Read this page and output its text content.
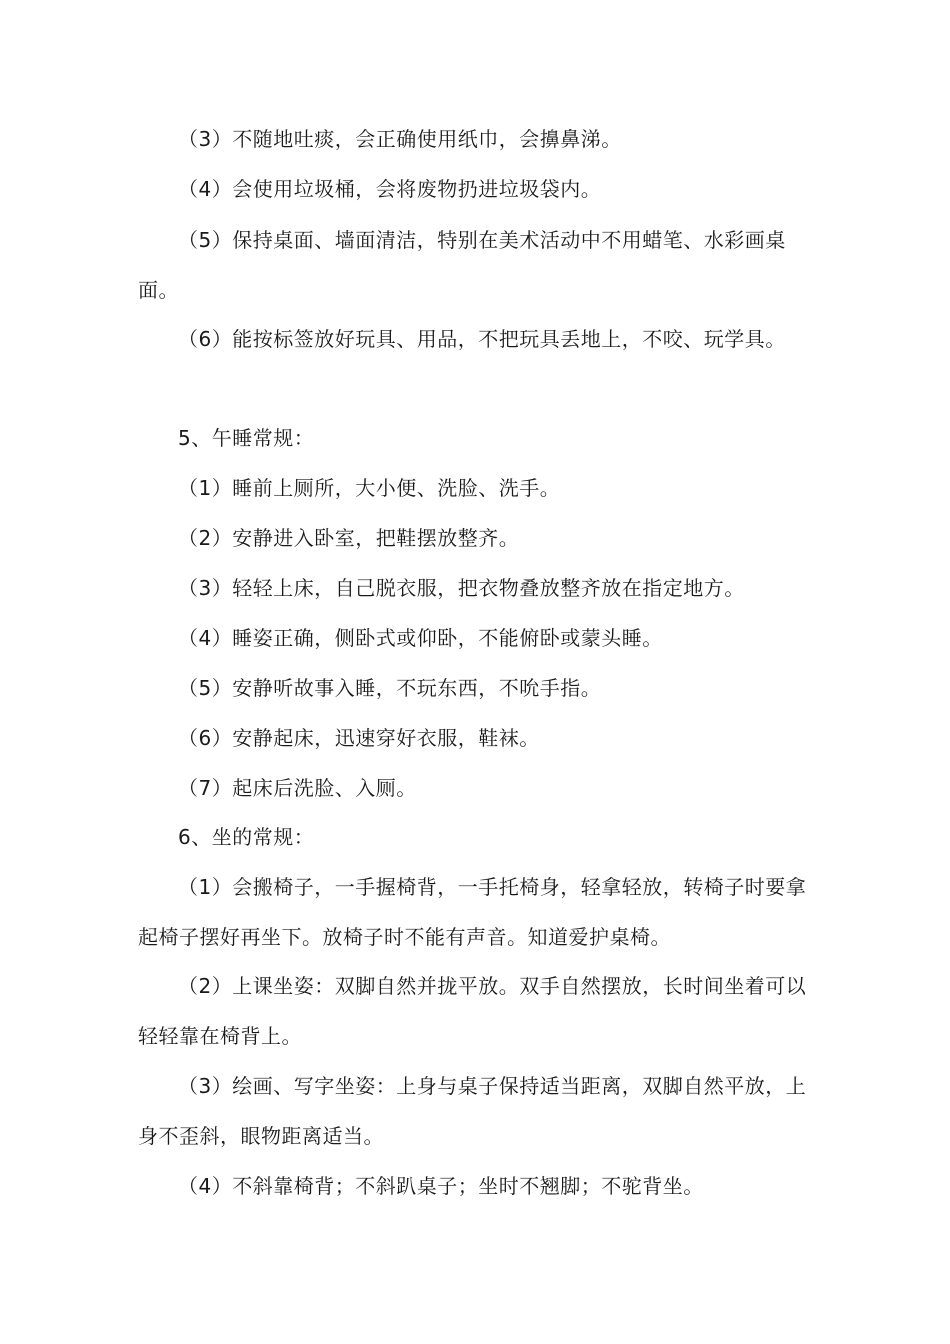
（3）不随地吐痰，会正确使用纸巾，会擤鼻涕。

（4）会使用垃圾桶，会将废物扔进垃圾袋内。

（5）保持桌面、墙面清洁，特别在美术活动中不用蜡笔、水彩画桌面。

（6）能按标签放好玩具、用品，不把玩具丢地上，不咬、玩学具。

5、午睡常规：

（1）睡前上厕所，大小便、洗脸、洗手。

（2）安静进入卧室，把鞋摆放整齐。

（3）轻轻上床，自己脱衣服，把衣物叠放整齐放在指定地方。

（4）睡姿正确，侧卧式或仰卧，不能俯卧或蒙头睡。

（5）安静听故事入睡，不玩东西，不吮手指。

（6）安静起床，迅速穿好衣服，鞋袜。

（7）起床后洗脸、入厕。

6、坐的常规：

（1）会搬椅子，一手握椅背，一手托椅身，轻拿轻放，转椅子时要拿起椅子摆好再坐下。放椅子时不能有声音。知道爱护桌椅。

（2）上课坐姿：双脚自然并拢平放。双手自然摆放，长时间坐着可以轻轻靠在椅背上。

（3）绘画、写字坐姿：上身与桌子保持适当距离，双脚自然平放，上身不歪斜，眼物距离适当。

（4）不斜靠椅背；不斜趴桌子；坐时不翘脚；不驼背坐。
